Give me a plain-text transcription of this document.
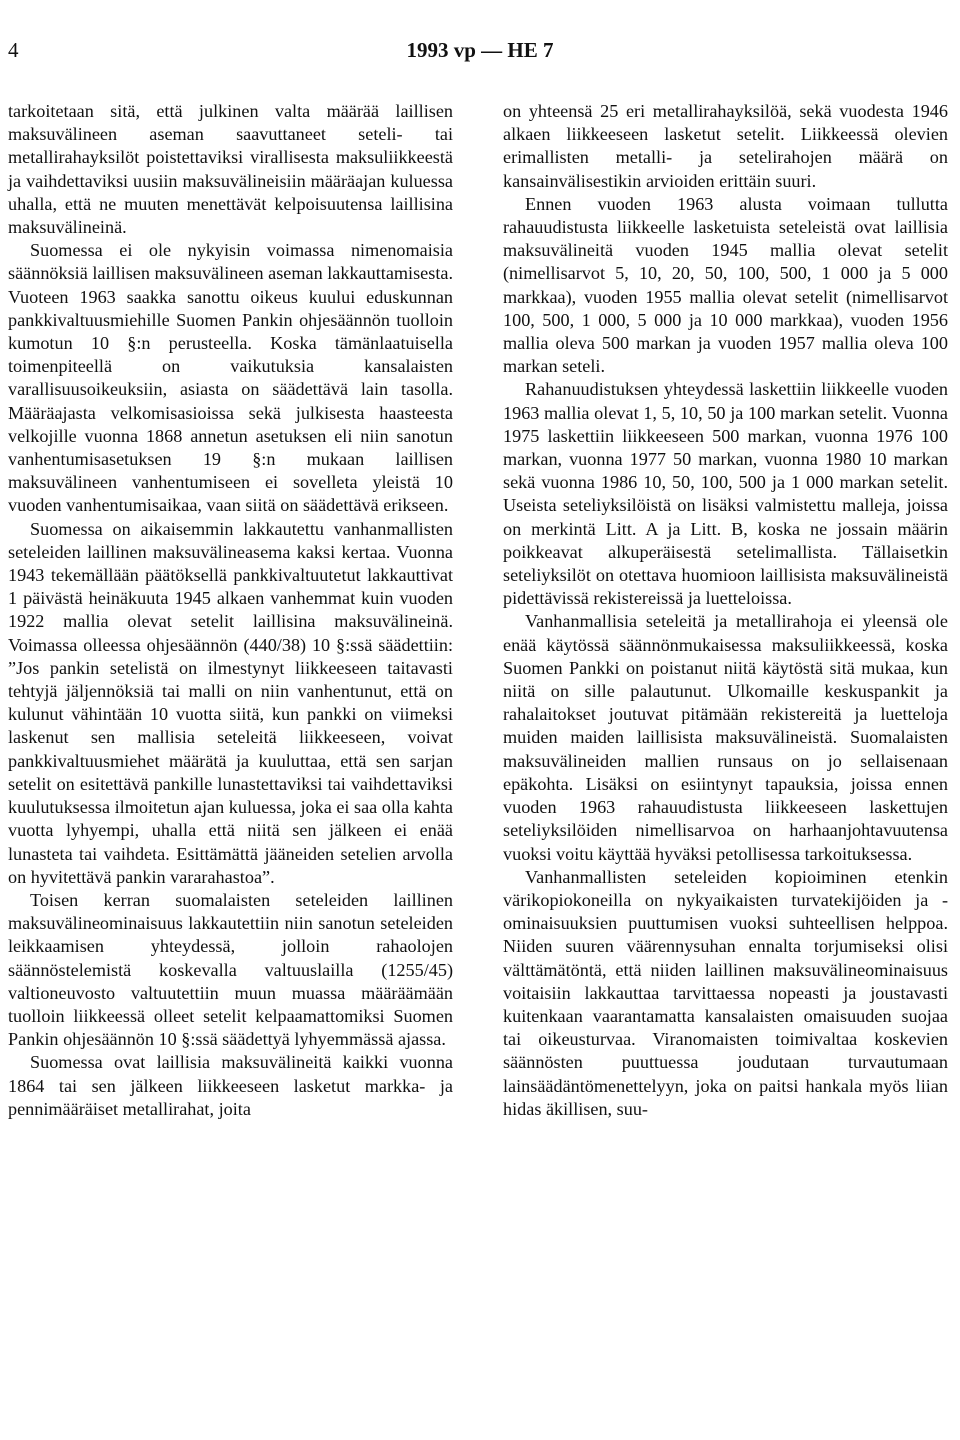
4	1993 vp — HE 7

tarkoitetaan sitä, että julkinen valta määrää laillisen maksuvälineen aseman saavuttaneet seteli- tai metallirahayksilöt poistettaviksi virallisesta maksuliikkeestä ja vaihdettaviksi uusiin maksuvälineisiin määräajan kuluessa uhalla, että ne muuten menettävät kelpoisuutensa laillisina maksuvälineinä.

Suomessa ei ole nykyisin voimassa nimenomaisia säännöksiä laillisen maksuvälineen aseman lakkauttamisesta. Vuoteen 1963 saakka sanottu oikeus kuului eduskunnan pankkivaltuusmiehille Suomen Pankin ohjesäännön tuolloin kumotun 10 §:n perusteella. Koska tämänlaatuisella toimenpiteellä on vaikutuksia kansalaisten varallisuusoikeuksiin, asiasta on säädettävä lain tasolla. Määräajasta velkomisasioissa sekä julkisesta haasteesta velkojille vuonna 1868 annetun asetuksen eli niin sanotun vanhentumisasetuksen 19 §:n mukaan laillisen maksuvälineen vanhentumiseen ei sovelleta yleistä 10 vuoden vanhentumisaikaa, vaan siitä on säädettävä erikseen.

Suomessa on aikaisemmin lakkautettu vanhanmallisten seteleiden laillinen maksuvälineasema kaksi kertaa. Vuonna 1943 tekemällään päätöksellä pankkivaltuutetut lakkauttivat 1 päivästä heinäkuuta 1945 alkaen vanhemmat kuin vuoden 1922 mallia olevat setelit laillisina maksuvälineinä. Voimassa olleessa ohjesäännön (440/38) 10 §:ssä säädettiin: ”Jos pankin setelistä on ilmestynyt liikkeeseen taitavasti tehtyjä jäljennöksiä tai malli on niin vanhentunut, että on kulunut vähintään 10 vuotta siitä, kun pankki on viimeksi laskenut sen mallisia seteleitä liikkeeseen, voivat pankkivaltuusmiehet määrätä ja kuuluttaa, että sen sarjan setelit on esitettävä pankille lunastettaviksi tai vaihdettaviksi kuulutuksessa ilmoitetun ajan kuluessa, joka ei saa olla kahta vuotta lyhyempi, uhalla että niitä sen jälkeen ei enää lunasteta tai vaihdeta. Esittämättä jääneiden setelien arvolla on hyvitettävä pankin vararahastoa”.

Toisen kerran suomalaisten seteleiden laillinen maksuvälineominaisuus lakkautettiin niin sanotun seteleiden leikkaamisen yhteydessä, jolloin rahaolojen säännöstelemistä koskevalla valtuuslailla (1255/45) valtioneuvosto valtuutettiin muun muassa määräämään tuolloin liikkeessä olleet setelit kelpaamattomiksi Suomen Pankin ohjesäännön 10 §:ssä säädettyä lyhyemmässä ajassa.

Suomessa ovat laillisia maksuvälineitä kaikki vuonna 1864 tai sen jälkeen liikkeeseen lasketut markka- ja pennimääräiset metallirahat, joita

on yhteensä 25 eri metallirahayksilöä, sekä vuodesta 1946 alkaen liikkeeseen lasketut setelit. Liikkeessä olevien erimallisten metalli- ja setelirahojen määrä on kansainvälisestikin arvioiden erittäin suuri.

Ennen vuoden 1963 alusta voimaan tullutta rahauudistusta liikkeelle lasketuista seteleistä ovat laillisia maksuvälineitä vuoden 1945 mallia olevat setelit (nimellisarvot 5, 10, 20, 50, 100, 500, 1 000 ja 5 000 markkaa), vuoden 1955 mallia olevat setelit (nimellisarvot 100, 500, 1 000, 5 000 ja 10 000 markkaa), vuoden 1956 mallia oleva 500 markan ja vuoden 1957 mallia oleva 100 markan seteli.

Rahanuudistuksen yhteydessä laskettiin liikkeelle vuoden 1963 mallia olevat 1, 5, 10, 50 ja 100 markan setelit. Vuonna 1975 laskettiin liikkeeseen 500 markan, vuonna 1976 100 markan, vuonna 1977 50 markan, vuonna 1980 10 markan sekä vuonna 1986 10, 50, 100, 500 ja 1 000 markan setelit. Useista seteliyksilöistä on lisäksi valmistettu malleja, joissa on merkintä Litt. A ja Litt. B, koska ne jossain määrin poikkeavat alkuperäisestä setelimallista. Tällaisetkin seteliyksilöt on otettava huomioon laillisista maksuvälineistä pidettävissä rekistereissä ja luetteloissa.

Vanhanmallisia seteleitä ja metallirahoja ei yleensä ole enää käytössä säännönmukaisessa maksuliikkeessä, koska Suomen Pankki on poistanut niitä käytöstä sitä mukaa, kun niitä on sille palautunut. Ulkomaille keskuspankit ja rahalaitokset joutuvat pitämään rekistereitä ja luetteloja muiden maiden laillisista maksuvälineistä. Suomalaisten maksuvälineiden mallien runsaus on jo sellaisenaan epäkohta. Lisäksi on esiintynyt tapauksia, joissa ennen vuoden 1963 rahauudistusta liikkeeseen laskettujen seteliyksilöiden nimellisarvoa on harhaanjohtavuutensa vuoksi voitu käyttää hyväksi petollisessa tarkoituksessa.

Vanhanmallisten seteleiden kopioiminen etenkin värikopiokoneilla on nykyaikaisten turvatekijöiden ja -ominaisuuksien puuttumisen vuoksi suhteellisen helppoa. Niiden suuren väärennysuhan ennalta torjumiseksi olisi välttämätöntä, että niiden laillinen maksuvälineominaisuus voitaisiin lakkauttaa tarvittaessa nopeasti ja joustavasti kuitenkaan vaarantamatta kansalaisten omaisuuden suojaa tai oikeusturvaa. Viranomaisten toimivaltaa koskevien säännösten puuttuessa joudutaan turvautumaan lainsäädäntömenettelyyn, joka on paitsi hankala myös liian hidas äkillisen, suu-
